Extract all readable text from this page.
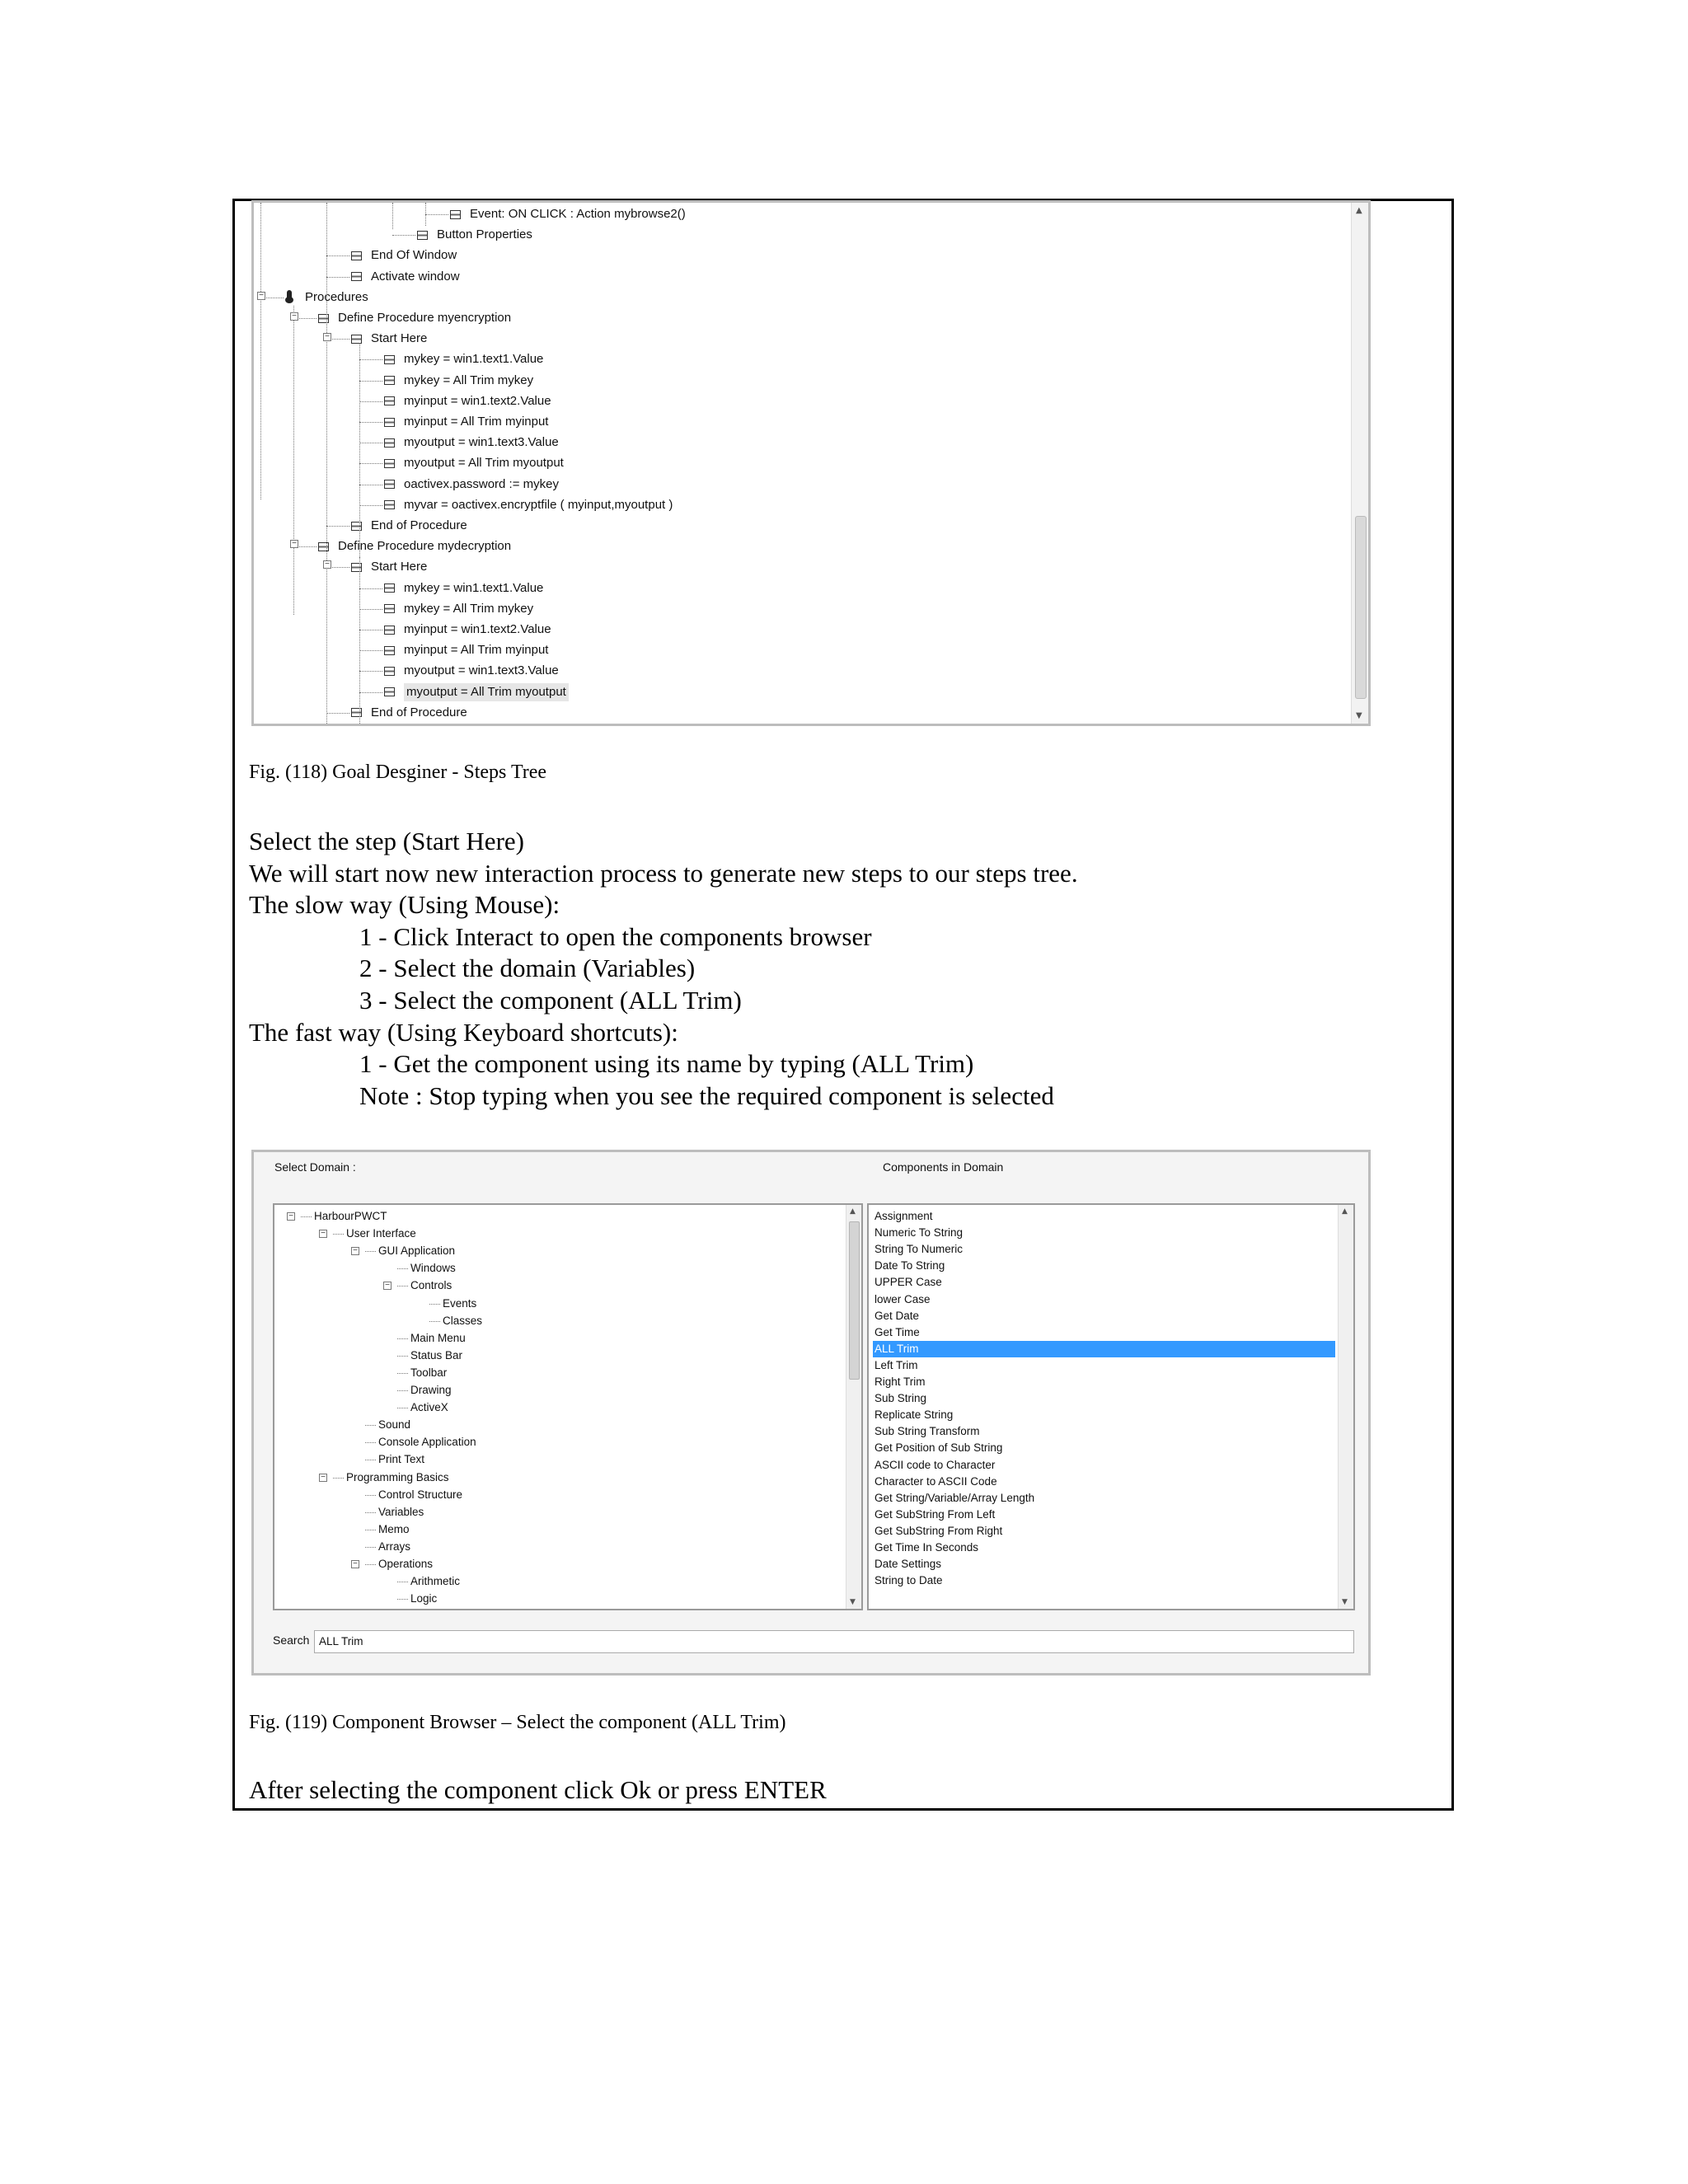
Event: ON CLICK : Action mybrowse2()
Button Properties
End Of Window
Activate window
Procedures
Define Procedure myencryption
Start Here
mykey = win1.text1.Value
mykey = All Trim mykey
myinput = win1.text2.Value
myinput = All Trim myinput
myoutput = win1.text3.Value
myoutput = All Trim myoutput
oactivex.password := mykey
myvar = oactivex.encryptfile ( myinput,myoutput )
End of Procedure
Define Procedure mydecryption
Start Here
mykey = win1.text1.Value
mykey = All Trim mykey
myinput = win1.text2.Value
myinput = All Trim myinput
myoutput = win1.text3.Value
myoutput = All Trim myoutput
End of Procedure
−
−
−
−
−
▲
▼
Fig. (118) Goal Desginer - Steps Tree
Select the step (Start Here)
We will start now new interaction process to generate new steps to our steps tree.
The slow way (Using Mouse):
1 - Click Interact to open the components browser
2 - Select the domain (Variables)
3 - Select the component (ALL Trim)
The fast way (Using Keyboard shortcuts):
1 - Get the component using its name by typing (ALL Trim)
Note : Stop typing when you see the required component is selected
Select Domain :	Components in Domain
HarbourPWCT
−
User Interface
−
GUI Application
−
Windows
Controls
−
Events
Classes
Main Menu
Status Bar
Toolbar
Drawing
ActiveX
Sound
Console Application
Print Text
Programming Basics
−
Control Structure
Variables
Memo
Arrays
Operations
−
Arithmetic
Logic
▲
▼
Assignment
Numeric To String
String To Numeric
Date To String
UPPER Case
lower Case
Get Date
Get Time
ALL Trim
Left Trim
Right Trim
Sub String
Replicate String
Sub String Transform
Get Position of Sub String
ASCII code to Character
Character to ASCII Code
Get String/Variable/Array Length
Get SubString From Left
Get SubString From Right
Get Time In Seconds
Date Settings
String to Date
▲
▼
Search ALL Trim
Fig. (119) Component Browser – Select the component (ALL Trim)
After selecting the component click Ok or press ENTER
